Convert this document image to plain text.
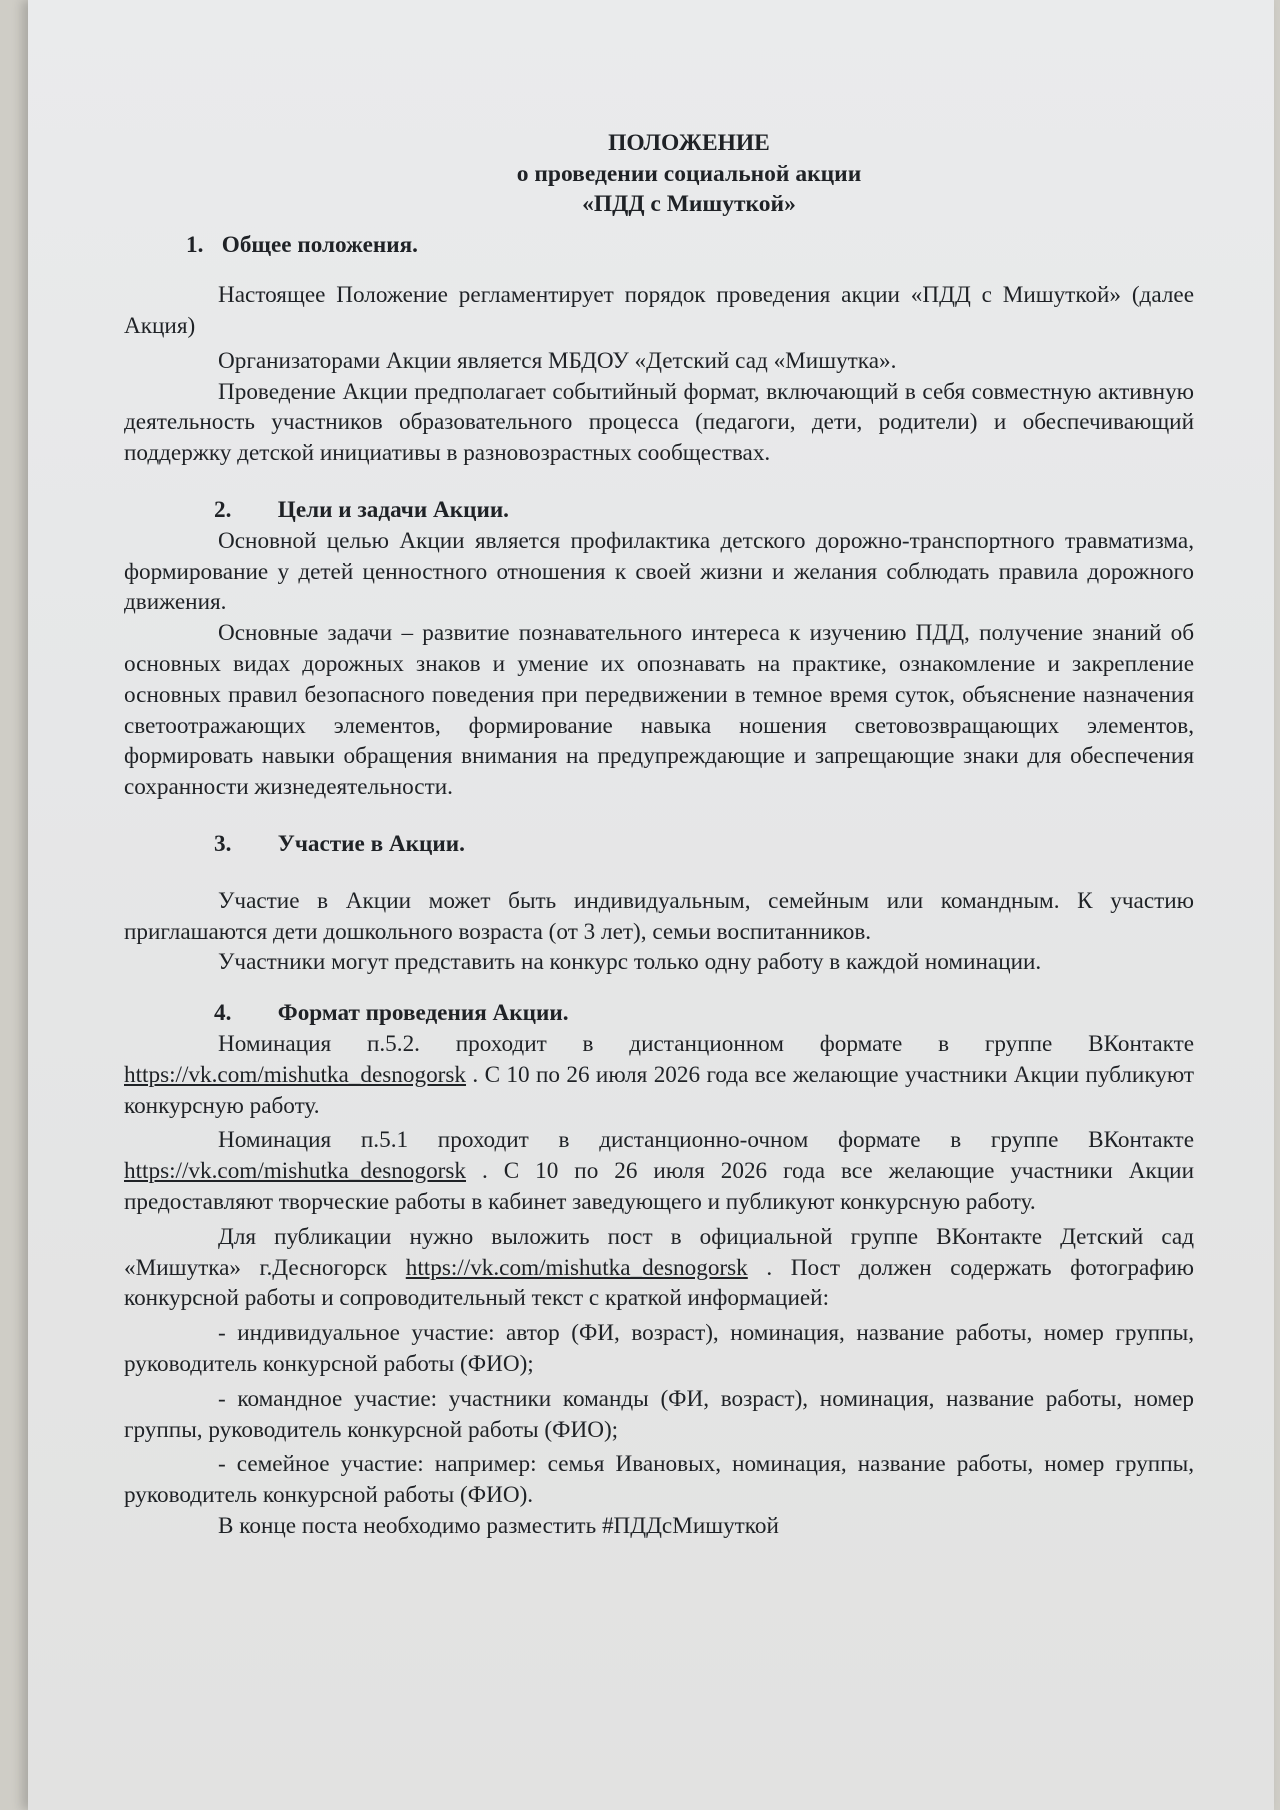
ПОЛОЖЕНИЕ
о проведении социальной акции
«ПДД с Мишуткой»
1. Общее положения.

Настоящее Положение регламентирует порядок проведения акции «ПДД с Мишуткой» (далее Акция)

Организаторами Акции является МБДОУ «Детский сад «Мишутка».

Проведение Акции предполагает событийный формат, включающий в себя совместную активную деятельность участников образовательного процесса (педагоги, дети, родители) и обеспечивающий поддержку детской инициативы в разновозрастных сообществах.

2. Цели и задачи Акции.

Основной целью Акции является профилактика детского дорожно-транспортного травматизма, формирование у детей ценностного отношения к своей жизни и желания соблюдать правила дорожного движения.

Основные задачи – развитие познавательного интереса к изучению ПДД, получение знаний об основных видах дорожных знаков и умение их опознавать на практике, ознакомление и закрепление основных правил безопасного поведения при передвижении в темное время суток, объяснение назначения светоотражающих элементов, формирование навыка ношения световозвращающих элементов, формировать навыки обращения внимания на предупреждающие и запрещающие знаки для обеспечения сохранности жизнедеятельности.

3. Участие в Акции.

Участие в Акции может быть индивидуальным, семейным или командным. К участию приглашаются дети дошкольного возраста (от 3 лет), семьи воспитанников.

Участники могут представить на конкурс только одну работу в каждой номинации.

4. Формат проведения Акции.

Номинация п.5.2. проходит в дистанционном формате в группе ВКонтакте https://vk.com/mishutka_desnogorsk . С 10 по 26 июля 2026 года все желающие участники Акции публикуют конкурсную работу.

Номинация п.5.1 проходит в дистанционно-очном формате в группе ВКонтакте https://vk.com/mishutka_desnogorsk . С 10 по 26 июля 2026 года все желающие участники Акции предоставляют творческие работы в кабинет заведующего и публикуют конкурсную работу.

Для публикации нужно выложить пост в официальной группе ВКонтакте Детский сад «Мишутка» г.Десногорск https://vk.com/mishutka_desnogorsk . Пост должен содержать фотографию конкурсной работы и сопроводительный текст с краткой информацией:

- индивидуальное участие: автор (ФИ, возраст), номинация, название работы, номер группы, руководитель конкурсной работы (ФИО);

- командное участие: участники команды (ФИ, возраст), номинация, название работы, номер группы, руководитель конкурсной работы (ФИО);

- семейное участие: например: семья Ивановых, номинация, название работы, номер группы, руководитель конкурсной работы (ФИО).

В конце поста необходимо разместить #ПДДсМишуткой
